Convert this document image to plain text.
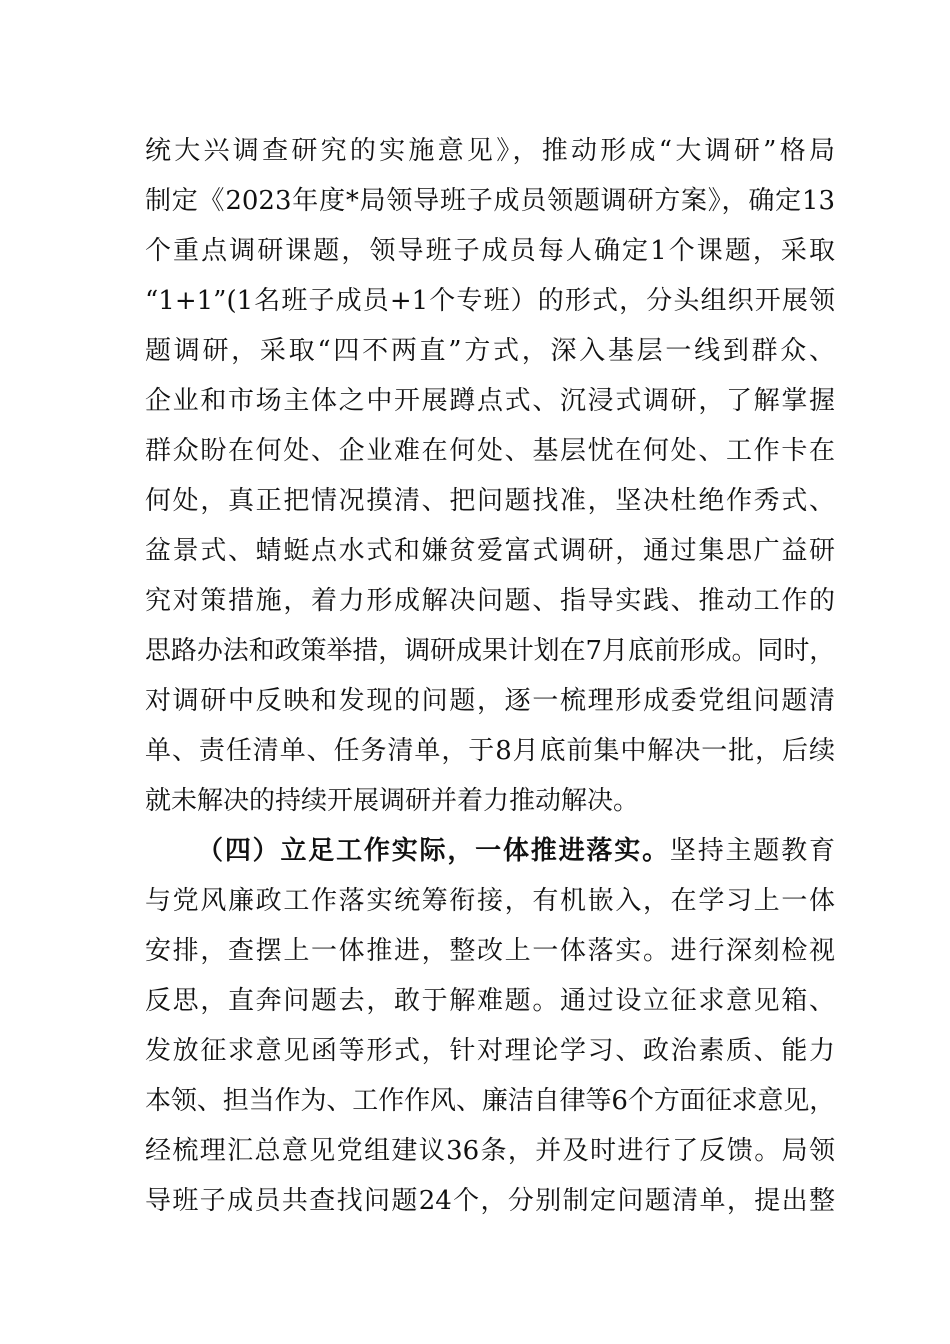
统大兴调查研究的实施意见》，推动形成“大调研”格局
制定《2023年度*局领导班子成员领题调研方案》，确定13
个重点调研课题，领导班子成员每人确定1个课题，采取
“1+1”(1名班子成员+1个专班）的形式，分头组织开展领
题调研，采取“四不两直”方式，深入基层一线到群众、
企业和市场主体之中开展蹲点式、沉浸式调研，了解掌握
群众盼在何处、企业难在何处、基层忧在何处、工作卡在
何处，真正把情况摸清、把问题找准，坚决杜绝作秀式、
盆景式、蜻蜓点水式和嫌贫爱富式调研，通过集思广益研
究对策措施，着力形成解决问题、指导实践、推动工作的
思路办法和政策举措，调研成果计划在7月底前形成。同时，
对调研中反映和发现的问题，逐一梳理形成委党组问题清
单、责任清单、任务清单，于8月底前集中解决一批，后续
就未解决的持续开展调研并着力推动解决。
（四）立足工作实际，一体推进落实。坚持主题教育
与党风廉政工作落实统筹衔接，有机嵌入，在学习上一体
安排，查摆上一体推进，整改上一体落实。进行深刻检视
反思，直奔问题去，敢于解难题。通过设立征求意见箱、
发放征求意见函等形式，针对理论学习、政治素质、能力
本领、担当作为、工作作风、廉洁自律等6个方面征求意见，
经梳理汇总意见党组建议36条，并及时进行了反馈。局领
导班子成员共查找问题24个，分别制定问题清单，提出整
